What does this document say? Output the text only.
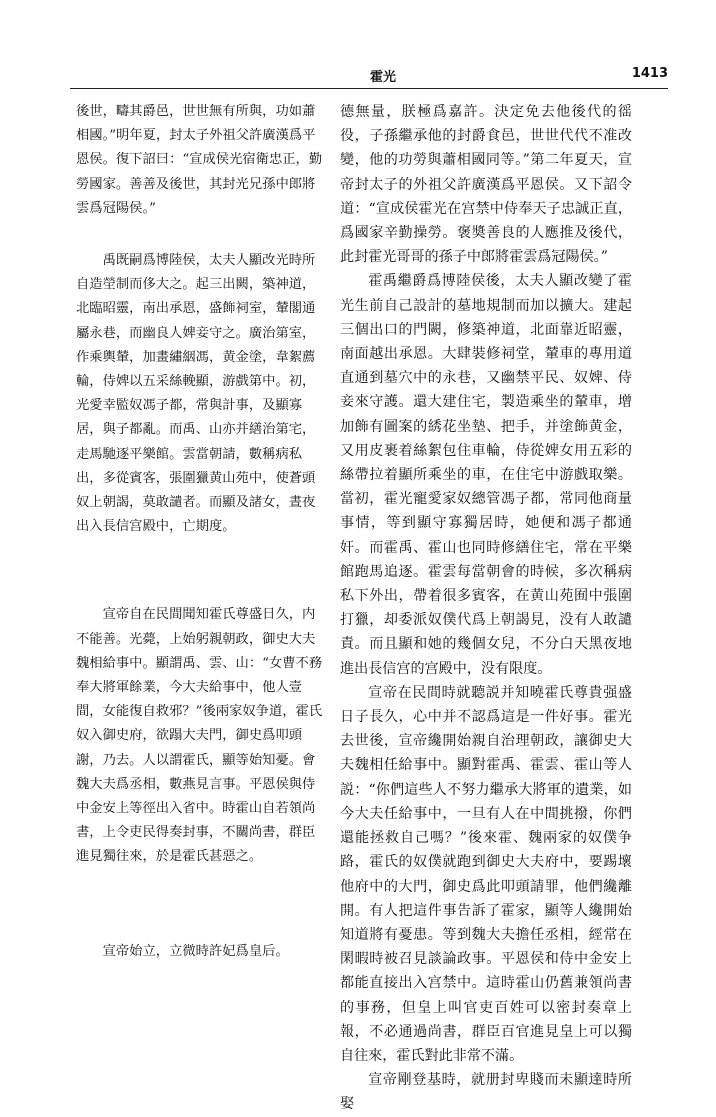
霍光	1413

後世，疇其爵邑，世世無有所與，功如蕭相國。”明年夏，封太子外祖父許廣漢爲平恩侯。復下詔曰：“宣成侯光宿衛忠正，勤勞國家。善善及後世，其封光兄孫中郎將雲爲冠陽侯。”

禹既嗣爲博陸侯，太夫人顯改光時所自造塋制而侈大之。起三出闕，築神道，北臨昭靈，南出承恩，盛飾祠室，輦閣通屬永巷，而幽良人婢妾守之。廣治第室，作乘輿輦，加畫繡絪馮，黄金塗，韋絮薦輪，侍婢以五采絲輓顯，游戲第中。初，光愛幸監奴馮子都，常與計事，及顯寡居，與子都亂。而禹、山亦并繕治第宅，走馬馳逐平樂館。雲當朝請，數稱病私出，多從賓客，張圍獵黄山苑中，使蒼頭奴上朝謁，莫敢譴者。而顯及諸女，晝夜出入長信宫殿中，亡期度。

宣帝自在民間聞知霍氏尊盛日久，内不能善。光薨，上始躬親朝政，御史大夫魏相給事中。顯謂禹、雲、山：“女曹不務奉大將軍餘業，今大夫給事中，他人壹間，女能復自救邪？”後兩家奴争道，霍氏奴入御史府，欲蹋大夫門，御史爲叩頭謝，乃去。人以謂霍氏，顯等始知憂。會魏大夫爲丞相，數燕見言事。平恩侯與侍中金安上等徑出入省中。時霍山自若領尚書，上令吏民得奏封事，不關尚書，群臣進見獨往來，於是霍氏甚惡之。

宣帝始立，立微時許妃爲皇后。

德無量，朕極爲嘉許。決定免去他後代的徭役，子孫繼承他的封爵食邑，世世代代不准改變，他的功勞與蕭相國同等。”第二年夏天，宣帝封太子的外祖父許廣漢爲平恩侯。又下詔令道：“宣成侯霍光在宫禁中侍奉天子忠誠正直，爲國家辛勤操勞。褒奬善良的人應推及後代，此封霍光哥哥的孫子中郎將霍雲爲冠陽侯。”

霍禹繼爵爲博陸侯後，太夫人顯改變了霍光生前自己設計的墓地規制而加以擴大。建起三個出口的門闕，修築神道，北面靠近昭靈，南面越出承恩。大肆裝修祠堂，輦車的專用道直通到墓穴中的永巷，又幽禁平民、奴婢、侍妾來守護。還大建住宅，製造乘坐的輦車，增加飾有圖案的綉花坐墊、把手，并塗飾黄金，又用皮裹着絲絮包住車輪，侍從婢女用五彩的絲帶拉着顯所乘坐的車，在住宅中游戲取樂。當初，霍光寵愛家奴總管馮子都，常同他商量事情，等到顯守寡獨居時，她便和馮子都通奸。而霍禹、霍山也同時修繕住宅，常在平樂館跑馬追逐。霍雲每當朝會的時候，多次稱病私下外出，帶着很多賓客，在黄山苑囿中張圍打獵，却委派奴僕代爲上朝謁見，没有人敢譴責。而且顯和她的幾個女兒，不分白天黑夜地進出長信宫的宫殿中，没有限度。

宣帝在民間時就聽説并知曉霍氏尊貴强盛日子長久，心中并不認爲這是一件好事。霍光去世後，宣帝纔開始親自治理朝政，讓御史大夫魏相任給事中。顯對霍禹、霍雲、霍山等人説：“你們這些人不努力繼承大將軍的遺業，如今大夫任給事中，一旦有人在中間挑撥，你們還能拯救自己嗎？”後來霍、魏兩家的奴僕争路，霍氏的奴僕就跑到御史大夫府中，要踢壞他府中的大門，御史爲此叩頭請罪，他們纔離開。有人把這件事告訴了霍家，顯等人纔開始知道將有憂患。等到魏大夫擔任丞相，經常在閑暇時被召見談論政事。平恩侯和侍中金安上都能直接出入宫禁中。這時霍山仍舊兼領尚書的事務，但皇上叫官吏百姓可以密封奏章上報，不必通過尚書，群臣百官進見皇上可以獨自往來，霍氏對此非常不滿。

宣帝剛登基時，就册封卑賤而未顯達時所娶
